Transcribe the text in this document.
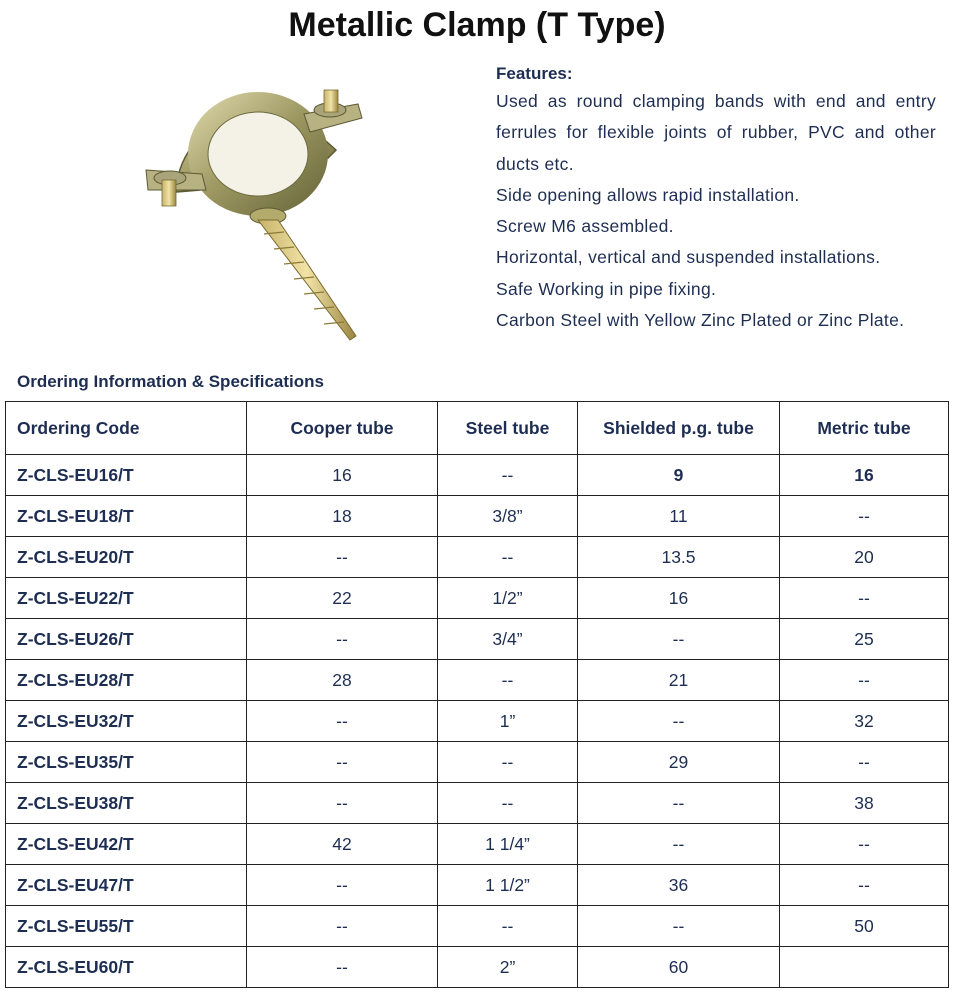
Metallic Clamp (T Type)
Features:

Used as round clamping bands with end and entry ferrules for flexible joints of rubber, PVC and other ducts etc.

Side opening allows rapid installation.

Screw M6 assembled.

Horizontal, vertical and suspended installations.

Safe Working in pipe fixing.

Carbon Steel with Yellow Zinc Plated or Zinc Plate.

Ordering Information & Specifications
Ordering Code	Cooper tube	Steel tube	Shielded p.g. tube	Metric tube
Z-CLS-EU16/T	16	--	9	16
Z-CLS-EU18/T	18	3/8”	11	--
Z-CLS-EU20/T	--	--	13.5	20
Z-CLS-EU22/T	22	1/2”	16	--
Z-CLS-EU26/T	--	3/4”	--	25
Z-CLS-EU28/T	28	--	21	--
Z-CLS-EU32/T	--	1”	--	32
Z-CLS-EU35/T	--	--	29	--
Z-CLS-EU38/T	--	--	--	38
Z-CLS-EU42/T	42	1 1/4”	--	--
Z-CLS-EU47/T	--	1 1/2”	36	--
Z-CLS-EU55/T	--	--	--	50
Z-CLS-EU60/T	--	2”	60	
